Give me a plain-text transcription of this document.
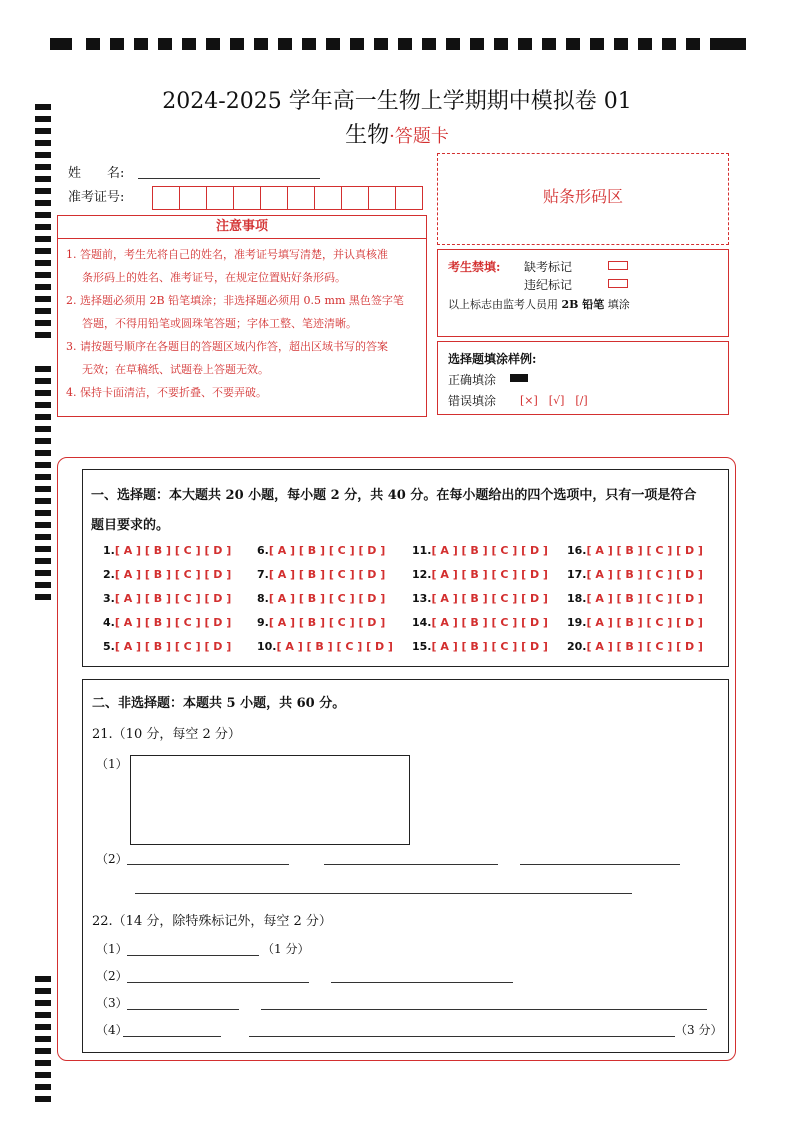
2024-2025 学年高一生物上学期期中模拟卷 01
生物·答题卡
姓　　名:
准考证号:
注意事项
1. 答题前，考生先将自己的姓名，准考证号填写清楚，并认真核准
条形码上的姓名、准考证号，在规定位置贴好条形码。
2. 选择题必须用 2B 铅笔填涂；非选择题必须用 0.5 mm 黑色签字笔
答题，不得用铅笔或圆珠笔答题；字体工整、笔迹清晰。
3. 请按题号顺序在各题目的答题区域内作答，超出区域书写的答案
无效；在草稿纸、试题卷上答题无效。
4. 保持卡面清洁，不要折叠、不要弄破。
贴条形码区
考生禁填: 缺考标记
违纪标记
以上标志由监考人员用 2B 铅笔 填涂
选择题填涂样例:
正确填涂
错误填涂 [×]　[√]　[/]
一、选择题：本大题共 20 小题，每小题 2 分，共 40 分。在每小题给出的四个选项中，只有一项是符合
题目要求的。
1.[ A ] [ B ] [ C ] [ D ]
2.[ A ] [ B ] [ C ] [ D ]
3.[ A ] [ B ] [ C ] [ D ]
4.[ A ] [ B ] [ C ] [ D ]
5.[ A ] [ B ] [ C ] [ D ]
6.[ A ] [ B ] [ C ] [ D ]
7.[ A ] [ B ] [ C ] [ D ]
8.[ A ] [ B ] [ C ] [ D ]
9.[ A ] [ B ] [ C ] [ D ]
10.[ A ] [ B ] [ C ] [ D ]
11.[ A ] [ B ] [ C ] [ D ]
12.[ A ] [ B ] [ C ] [ D ]
13.[ A ] [ B ] [ C ] [ D ]
14.[ A ] [ B ] [ C ] [ D ]
15.[ A ] [ B ] [ C ] [ D ]
16.[ A ] [ B ] [ C ] [ D ]
17.[ A ] [ B ] [ C ] [ D ]
18.[ A ] [ B ] [ C ] [ D ]
19.[ A ] [ B ] [ C ] [ D ]
20.[ A ] [ B ] [ C ] [ D ]
二、非选择题：本题共 5 小题，共 60 分。
21.（10 分，每空 2 分）
（1）
（2）
22.（14 分，除特殊标记外，每空 2 分）
（1）	（1 分）
（2）
（3）
（4）	（3 分）
